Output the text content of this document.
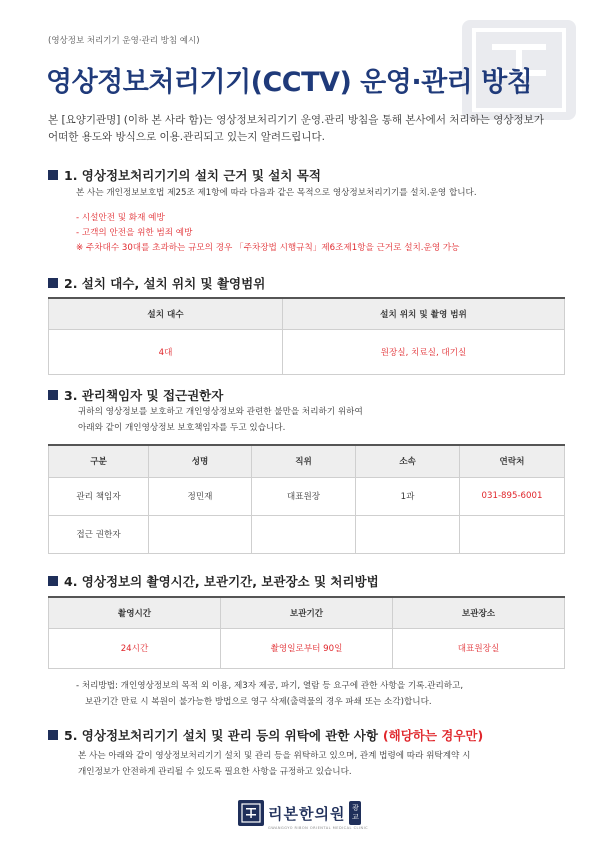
(영상정보 처리기기 운영·관리 방침 예시)
영상정보처리기기(CCTV) 운영·관리 방침
본 [요양기관명] (이하 본 사라 함)는 영상정보처리기기 운영.관리 방침을 통해 본사에서 처리하는 영상정보가
어떠한 용도와 방식으로 이용.관리되고 있는지 알려드립니다.
1. 영상정보처리기기의 설치 근거 및 설치 목적
본 사는 개인정보보호법 제25조 제1항에 따라 다음과 같은 목적으로 영상정보처리기기를 설치.운영 합니다.
- 시설안전 및 화재 예방
- 고객의 안전을 위한 범죄 예방
※ 주차대수 30대를 초과하는 규모의 경우 「주차장법 시행규칙」제6조제1항을 근거로 설치.운영 가능
2. 설치 대수, 설치 위치 및 촬영범위
설치 대수	설치 위치 및 촬영 범위
4대	원장실, 치료실, 대기실
3. 관리책임자 및 접근권한자
귀하의 영상정보를 보호하고 개인영상정보와 관련한 불만을 처리하기 위하여
아래와 같이 개인영상정보 보호책임자를 두고 있습니다.
구분	성명	직위	소속	연락처
관리 책임자	정민재	대표원장	1과	031-895-6001
접근 권한자				
4. 영상정보의 촬영시간, 보관기간, 보관장소 및 처리방법
촬영시간	보관기간	보관장소
24시간	촬영일로부터 90일	대표원장실
- 처리방법: 개인영상정보의 목적 외 이용, 제3자 제공, 파기, 열람 등 요구에 관한 사항을 기록.관리하고,
보관기간 만료 시 복원이 불가능한 방법으로 영구 삭제(출력물의 경우 파쇄 또는 소각)합니다.
5. 영상정보처리기기 설치 및 관리 등의 위탁에 관한 사항 (해당하는 경우만)
본 사는 아래와 같이 영상정보처리기기 설치 및 관리 등을 위탁하고 있으며, 관계 법령에 따라 위탁계약 시
개인정보가 안전하게 관리될 수 있도록 필요한 사항을 규정하고 있습니다.
리본한의원 광
교
GWANGGYO RIBON ORIENTAL MEDICAL CLINIC
